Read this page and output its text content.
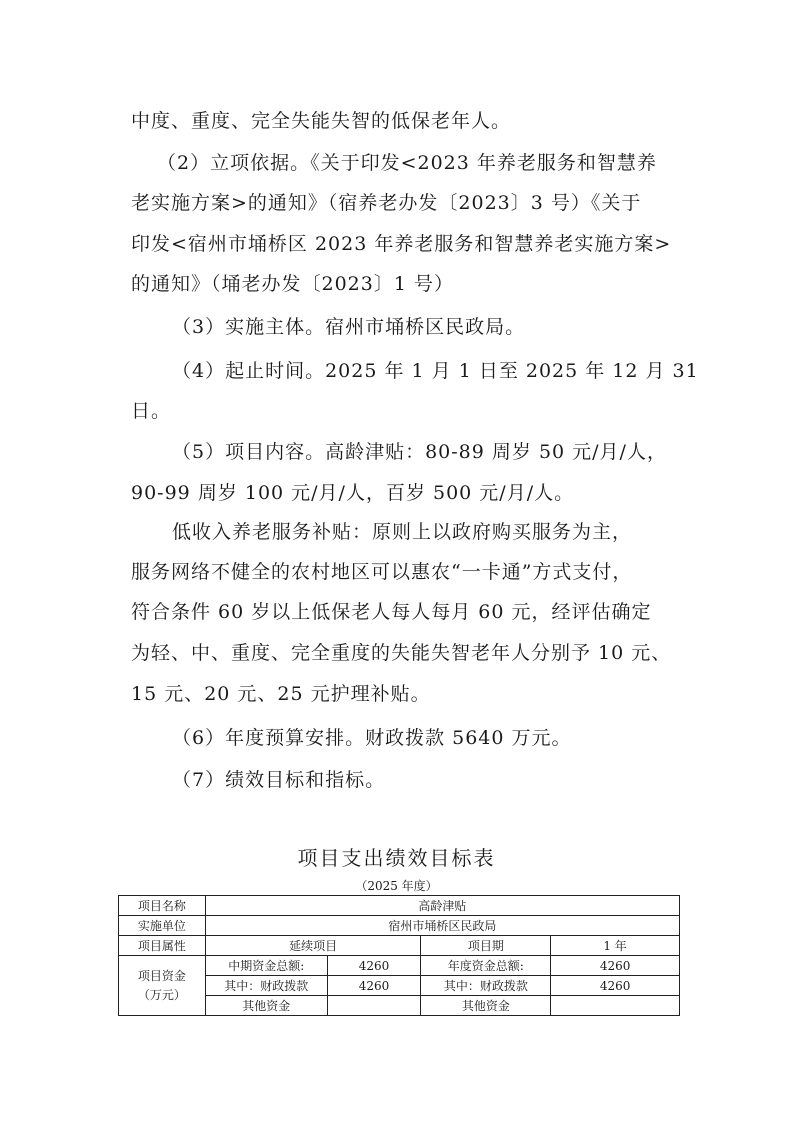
中度、重度、完全失能失智的低保老年人。

（2）立项依据。《关于印发<2023 年养老服务和智慧养

老实施方案>的通知》（宿养老办发〔2023〕3 号）《关于

印发<宿州市埇桥区 2023 年养老服务和智慧养老实施方案>

的通知》（埇老办发〔2023〕1 号）

（3）实施主体。宿州市埇桥区民政局。

（4）起止时间。2025 年 1 月 1 日至 2025 年 12 月 31

日。

（5）项目内容。高龄津贴：80-89 周岁 50 元/月/人，

90-99 周岁 100 元/月/人，百岁 500 元/月/人。

低收入养老服务补贴：原则上以政府购买服务为主，

服务网络不健全的农村地区可以惠农“一卡通”方式支付，

符合条件 60 岁以上低保老人每人每月 60 元，经评估确定

为轻、中、重度、完全重度的失能失智老年人分别予 10 元、

15 元、20 元、25 元护理补贴。

（6）年度预算安排。财政拨款 5640 万元。

（7）绩效目标和指标。

项目支出绩效目标表
（2025 年度）
项目名称	高龄津贴			
实施单位	宿州市埇桥区民政局			
项目属性	延续项目		项目期	1 年
项目资金
（万元）	中期资金总额:	4260	年度资金总额:	4260
	其中：财政拨款	4260	其中：财政拨款	4260
	其他资金		其他资金	
